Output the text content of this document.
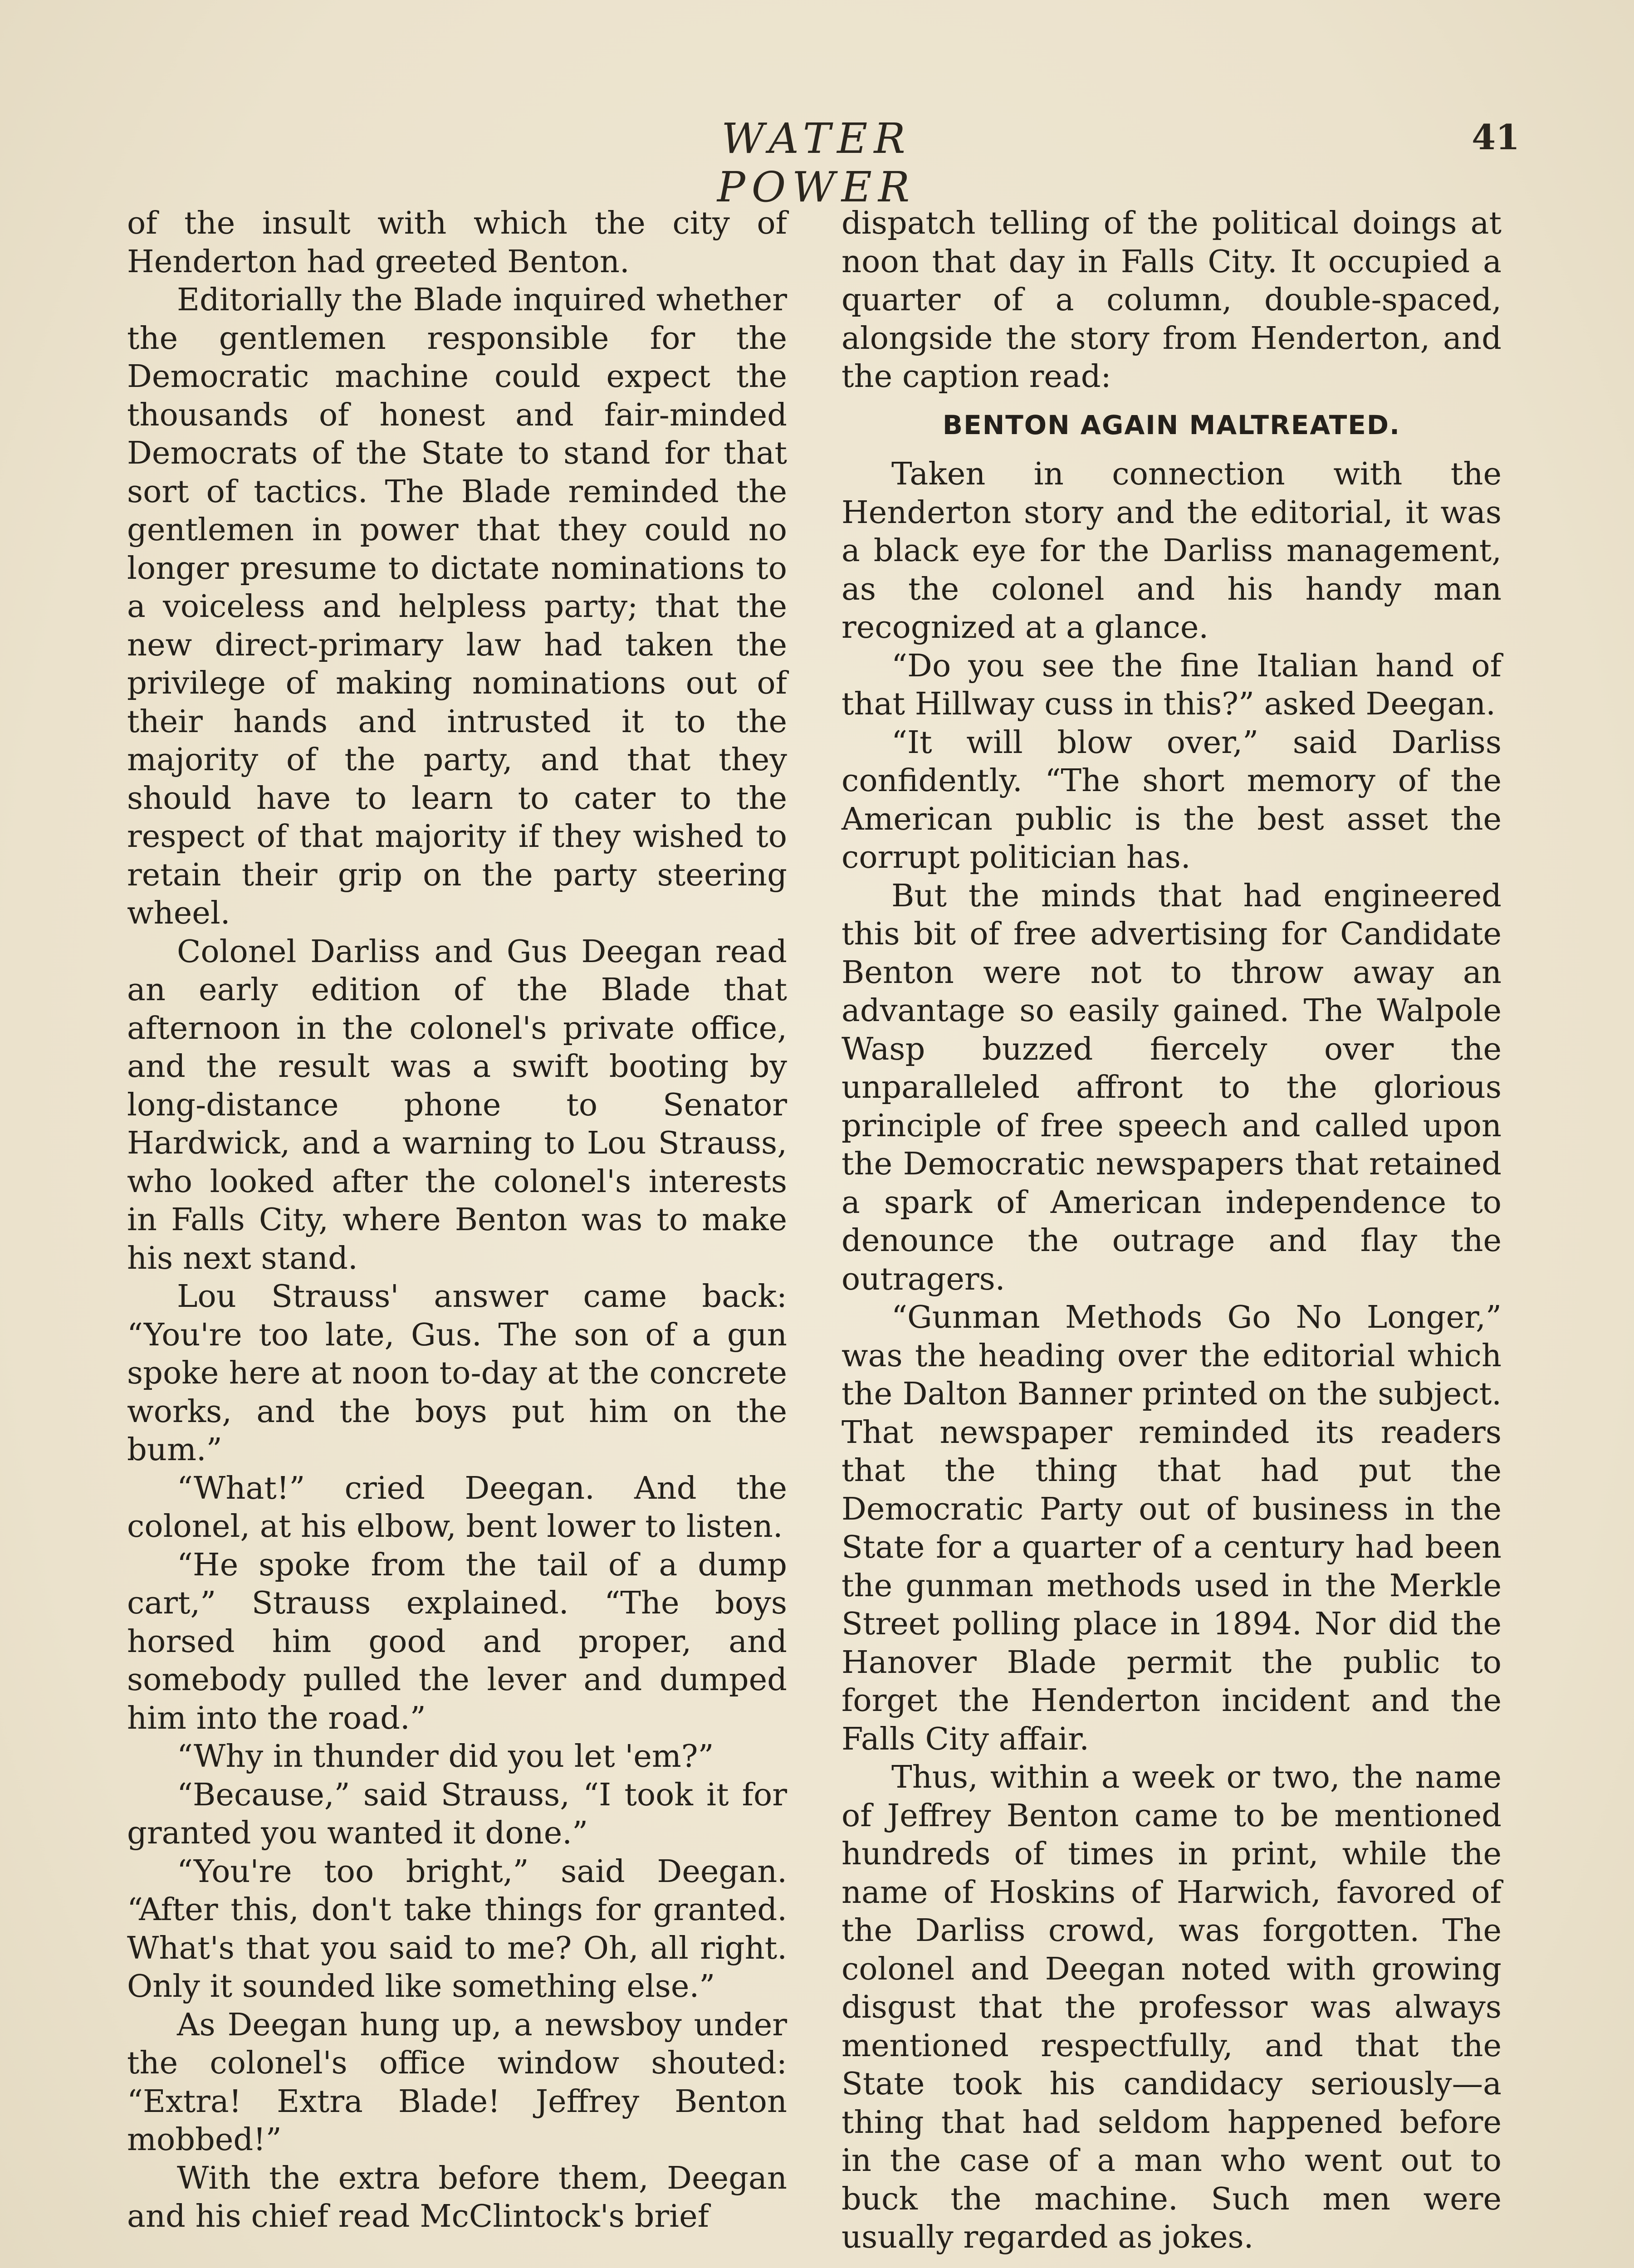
WATER POWER
41

of the insult with which the city of Henderton had greeted Benton.

Editorially the Blade inquired whether the gentlemen responsible for the Democratic machine could expect the thousands of honest and fair-minded Democrats of the State to stand for that sort of tactics. The Blade reminded the gentlemen in power that they could no longer presume to dictate nominations to a voiceless and helpless party; that the new direct-primary law had taken the privilege of making nominations out of their hands and intrusted it to the majority of the party, and that they should have to learn to cater to the respect of that majority if they wished to retain their grip on the party steering wheel.

Colonel Darliss and Gus Deegan read an early edition of the Blade that afternoon in the colonel's private office, and the result was a swift booting by long-distance phone to Senator Hardwick, and a warning to Lou Strauss, who looked after the colonel's interests in Falls City, where Benton was to make his next stand.

Lou Strauss' answer came back: “You're too late, Gus. The son of a gun spoke here at noon to-day at the concrete works, and the boys put him on the bum.”

“What!” cried Deegan. And the colonel, at his elbow, bent lower to listen.

“He spoke from the tail of a dump cart,” Strauss explained. “The boys horsed him good and proper, and somebody pulled the lever and dumped him into the road.”

“Why in thunder did you let 'em?”

“Because,” said Strauss, “I took it for granted you wanted it done.”

“You're too bright,” said Deegan. “After this, don't take things for granted. What's that you said to me? Oh, all right. Only it sounded like something else.”

As Deegan hung up, a newsboy under the colonel's office window shouted: “Extra! Extra Blade! Jeffrey Benton mobbed!”

With the extra before them, Deegan and his chief read McClintock's brief

dispatch telling of the political doings at noon that day in Falls City. It occupied a quarter of a column, double-spaced, alongside the story from Henderton, and the caption read:

BENTON AGAIN MALTREATED.

Taken in connection with the Henderton story and the editorial, it was a black eye for the Darliss management, as the colonel and his handy man recognized at a glance.

“Do you see the fine Italian hand of that Hillway cuss in this?” asked Deegan.

“It will blow over,” said Darliss confidently. “The short memory of the American public is the best asset the corrupt politician has.

But the minds that had engineered this bit of free advertising for Candidate Benton were not to throw away an advantage so easily gained. The Walpole Wasp buzzed fiercely over the unparalleled affront to the glorious principle of free speech and called upon the Democratic newspapers that retained a spark of American independence to denounce the outrage and flay the outragers.

“Gunman Methods Go No Longer,” was the heading over the editorial which the Dalton Banner printed on the subject. That newspaper reminded its readers that the thing that had put the Democratic Party out of business in the State for a quarter of a century had been the gunman methods used in the Merkle Street polling place in 1894. Nor did the Hanover Blade permit the public to forget the Henderton incident and the Falls City affair.

Thus, within a week or two, the name of Jeffrey Benton came to be mentioned hundreds of times in print, while the name of Hoskins of Harwich, favored of the Darliss crowd, was forgotten. The colonel and Deegan noted with growing disgust that the professor was always mentioned respectfully, and that the State took his candidacy seriously—a thing that had seldom happened before in the case of a man who went out to buck the machine. Such men were usually regarded as jokes.
